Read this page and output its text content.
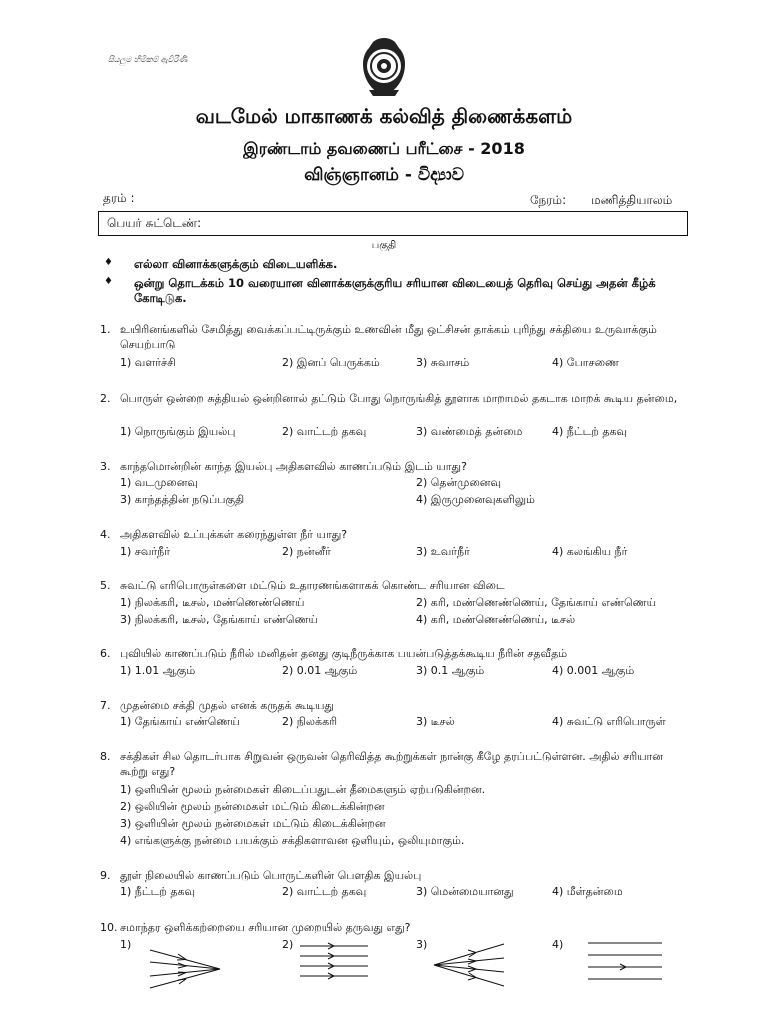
සියලුම හිමිකම් ඇවිරිණි
வடமேல் மாகாணக் கல்வித் திணைக்களம்
இரண்டாம் தவணைப் பரீட்சை - 2018
விஞ்ஞானம் - විද්‍යාව
தரம் :	நேரம்: மணித்தியாலம்
பெயர் சுட்டெண்:
பகுதி
♦ எல்லா வினாக்களுக்கும் விடையளிக்க.
♦ ஒன்று தொடக்கம் 10 வரையான வினாக்களுக்குரிய சரியான விடையைத் தெரிவு செய்து அதன் கீழ்க் கோடிடுக.
1. உயிரினங்களில் சேமித்து வைக்கப்பட்டிருக்கும் உணவின் மீது ஒட்சிசன் தாக்கம் புரிந்து சக்தியை உருவாக்கும் செயற்பாடு
1) வளர்ச்சி	2) இனப் பெருக்கம்	3) சுவாசம்	4) போசணை
2. பொருள் ஒன்றை சுத்தியல் ஒன்றினால் தட்டும் போது நொருங்கித் தூளாக மாறாமல் தகடாக மாறக் கூடிய தன்மை,
1) நொருங்கும் இயல்பு	2) வாட்டற் தகவு	3) வண்மைத் தன்மை	4) நீட்டற் தகவு
3. காந்தமொன்றின் காந்த இயல்பு அதிகளவில் காணப்படும் இடம் யாது?
1) வடமுனைவு	2) தென்முனைவு
3) காந்தத்தின் நடுப்பகுதி	4) இருமுனைவுகளிலும்
4. அதிகளவில் உப்புக்கள் கரைந்துள்ள நீர் யாது?
1) சவர்நீர்	2) நன்னீர்	3) உவர்நீர்	4) கலங்கிய நீர்
5. சுவட்டு எரிபொருள்களை மட்டும் உதாரணங்களாகக் கொண்ட சரியான விடை
1) நிலக்கரி, டீசல், மண்ணெண்ணெய்	2) கரி, மண்ணெண்ணெய், தேங்காய் எண்ணெய்
3) நிலக்கரி, டீசல், தேங்காய் எண்ணெய்	4) கரி, மண்ணெண்ணெய், டீசல்
6. புவியில் காணப்படும் நீரில் மனிதன் தனது குடிநீருக்காக பயன்படுத்தக்கூடிய நீரின் சதவீதம்
1) 1.01 ஆகும்	2) 0.01 ஆகும்	3) 0.1 ஆகும்	4) 0.001 ஆகும்
7. முதன்மை சக்தி முதல் எனக் கருதக் கூடியது
1) தேங்காய் எண்ணெய்	2) நிலக்கரி	3) டீசல்	4) சுவட்டு எரிபொருள்
8. சக்திகள் சில தொடர்பாக சிறுவன் ஒருவன் தெரிவித்த கூற்றுக்கள் நான்கு கீழே தரப்பட்டுள்ளன. அதில் சரியான கூற்று எது?
1) ஒளியின் மூலம் நன்மைகள் கிடைப்பதுடன் தீமைகளும் ஏற்படுகின்றன.
2) ஒலியின் மூலம் நன்மைகள் மட்டும் கிடைக்கின்றன
3) ஒளியின் மூலம் நன்மைகள் மட்டும் கிடைக்கின்றன
4) எங்களுக்கு நன்மை பயக்கும் சக்திகளாவன ஒளியும், ஒலியுமாகும்.
9. தூள் நிலையில் காணப்படும் பொருட்களின் பௌதிக இயல்பு
1) நீட்டற் தகவு	2) வாட்டற் தகவு	3) மென்மையானது	4) மீள்தன்மை
10. சமாந்தர ஒளிக்கற்றையை சரியான முறையில் தருவது எது?
1)	2)	3)	4)
